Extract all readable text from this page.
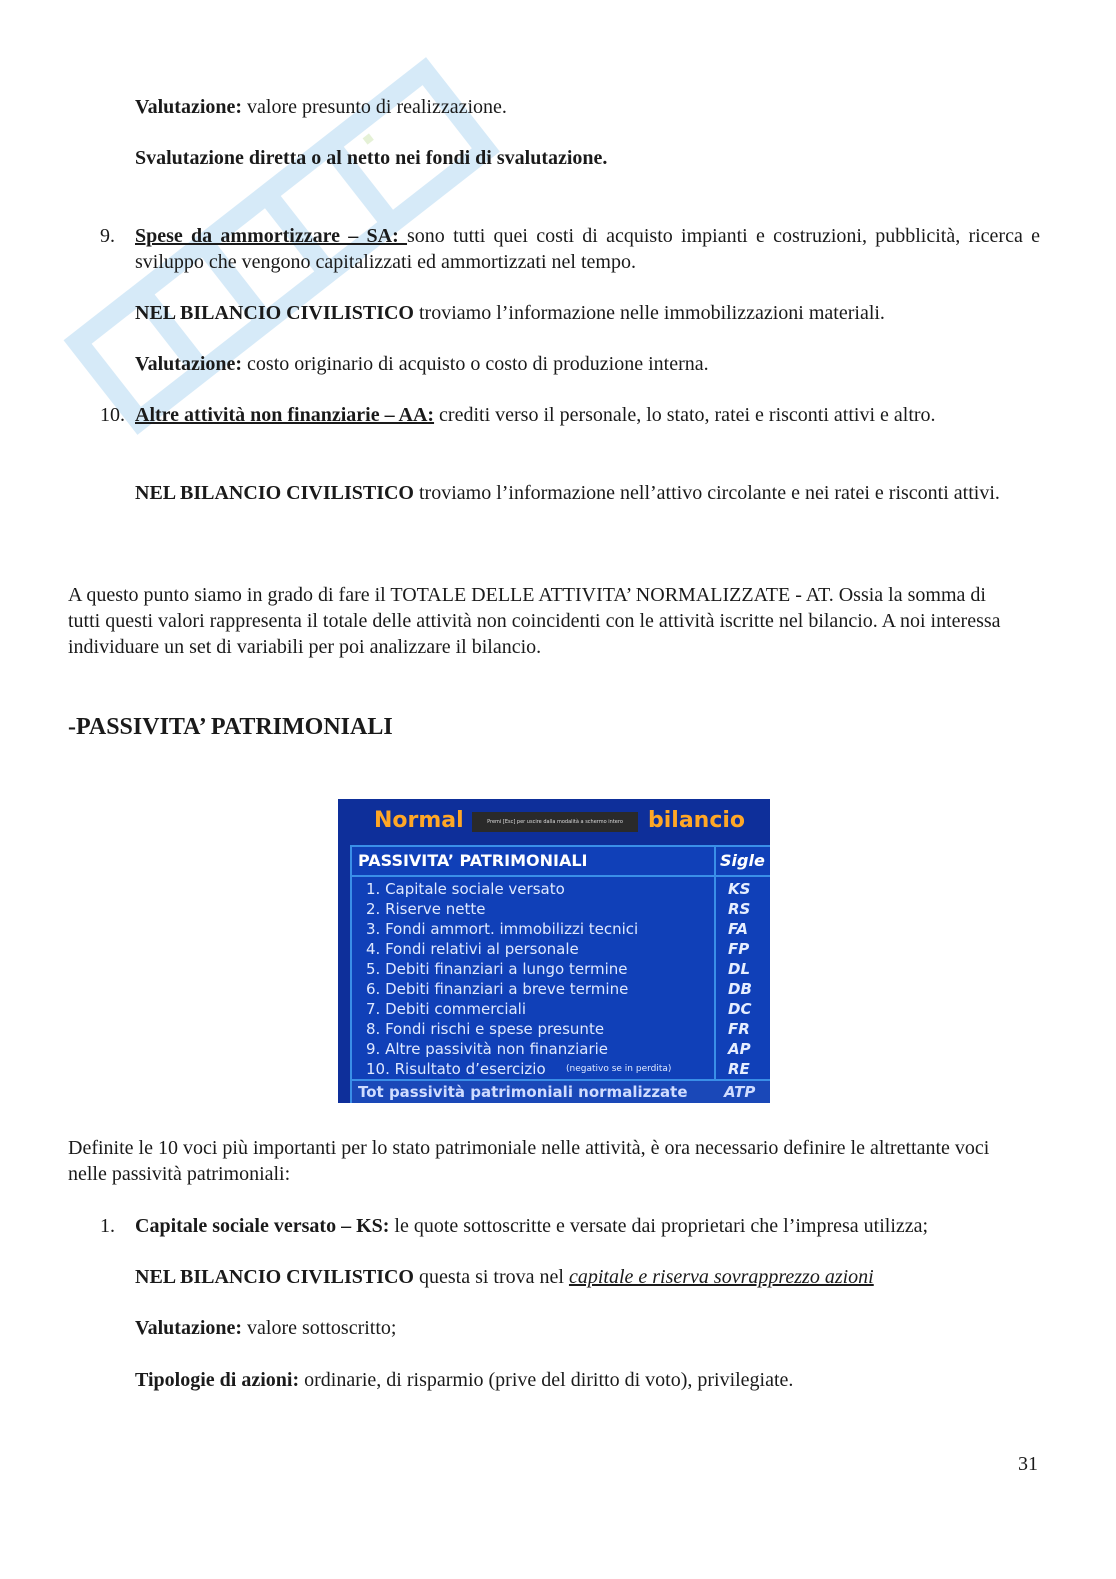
Valutazione: valore presunto di realizzazione.
Svalutazione diretta o al netto nei fondi di svalutazione.
9. Spese da ammortizzare – SA: sono tutti quei costi di acquisto impianti e costruzioni, pubblicità, ricerca e sviluppo che vengono capitalizzati ed ammortizzati nel tempo.
NEL BILANCIO CIVILISTICO troviamo l’informazione nelle immobilizzazioni materiali.
Valutazione: costo originario di acquisto o costo di produzione interna.
10. Altre attività non finanziarie – AA: crediti verso il personale, lo stato, ratei e risconti attivi e altro.
NEL BILANCIO CIVILISTICO troviamo l’informazione nell’attivo circolante e nei ratei e risconti attivi.
A questo punto siamo in grado di fare il TOTALE DELLE ATTIVITA’ NORMALIZZATE - AT. Ossia la somma di tutti questi valori rappresenta il totale delle attività non coincidenti con le attività iscritte nel bilancio. A noi interessa individuare un set di variabili per poi analizzare il bilancio.
-PASSIVITA’ PATRIMONIALI
Normal	Premi [Esc] per uscire dalla modalità a schermo intero	bilancio
PASSIVITA’ PATRIMONIALI	Sigle
1. Capitale sociale versato	KS
2. Riserve nette	RS
3. Fondi ammort. immobilizzi tecnici	FA
4. Fondi relativi al personale	FP
5. Debiti finanziari a lungo termine	DL
6. Debiti finanziari a breve termine	DB
7. Debiti commerciali	DC
8. Fondi rischi e spese presunte	FR
9. Altre passività non finanziarie	AP
10. Risultato d’esercizio (negativo se in perdita)	RE
Tot passività patrimoniali normalizzate ATP
Definite le 10 voci più importanti per lo stato patrimoniale nelle attività, è ora necessario definire le altrettante voci nelle passività patrimoniali:
1. Capitale sociale versato – KS: le quote sottoscritte e versate dai proprietari che l’impresa utilizza;
NEL BILANCIO CIVILISTICO questa si trova nel capitale e riserva sovrapprezzo azioni
Valutazione: valore sottoscritto;
Tipologie di azioni: ordinarie, di risparmio (prive del diritto di voto), privilegiate.
31
